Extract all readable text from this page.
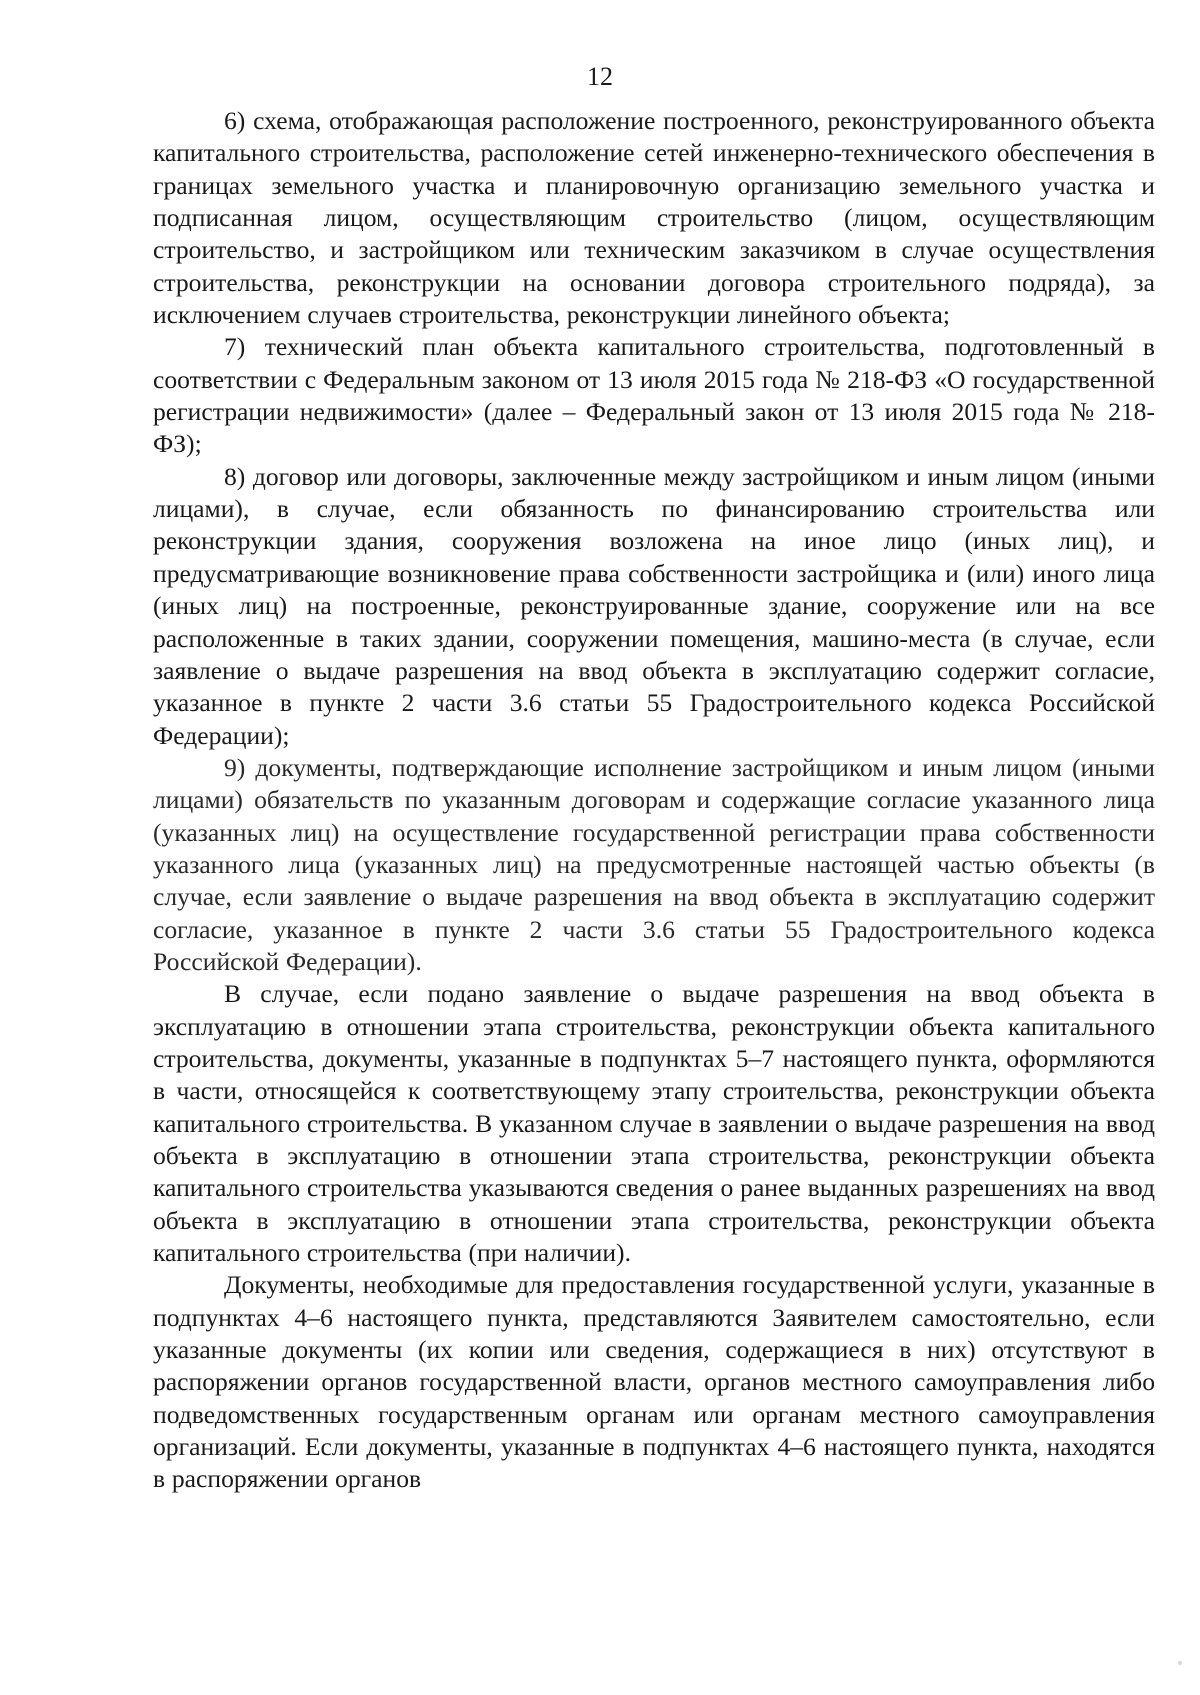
12

6) схема, отображающая расположение построенного, реконструированного объекта капитального строительства, расположение сетей инженерно-технического обеспечения в границах земельного участка и планировочную организацию земельного участка и подписанная лицом, осуществляющим строительство (лицом, осуществляющим строительство, и застройщиком или техническим заказчиком в случае осуществления строительства, реконструкции на основании договора строительного подряда), за исключением случаев строительства, реконструкции линейного объекта;

7) технический план объекта капитального строительства, подготовленный в соответствии с Федеральным законом от 13 июля 2015 года № 218-ФЗ «О государственной регистрации недвижимости» (далее – Федеральный закон от 13 июля 2015 года № 218-ФЗ);

8) договор или договоры, заключенные между застройщиком и иным лицом (иными лицами), в случае, если обязанность по финансированию строительства или реконструкции здания, сооружения возложена на иное лицо (иных лиц), и предусматривающие возникновение права собственности застройщика и (или) иного лица (иных лиц) на построенные, реконструированные здание, сооружение или на все расположенные в таких здании, сооружении помещения, машино-места (в случае, если заявление о выдаче разрешения на ввод объекта в эксплуатацию содержит согласие, указанное в пункте 2 части 3.6 статьи 55 Градостроительного кодекса Российской Федерации);

9) документы, подтверждающие исполнение застройщиком и иным лицом (иными лицами) обязательств по указанным договорам и содержащие согласие указанного лица (указанных лиц) на осуществление государственной регистрации права собственности указанного лица (указанных лиц) на предусмотренные настоящей частью объекты (в случае, если заявление о выдаче разрешения на ввод объекта в эксплуатацию содержит согласие, указанное в пункте 2 части 3.6 статьи 55 Градостроительного кодекса Российской Федерации).

В случае, если подано заявление о выдаче разрешения на ввод объекта в эксплуатацию в отношении этапа строительства, реконструкции объекта капитального строительства, документы, указанные в подпунктах 5–7 настоящего пункта, оформляются в части, относящейся к соответствующему этапу строительства, реконструкции объекта капитального строительства. В указанном случае в заявлении о выдаче разрешения на ввод объекта в эксплуатацию в отношении этапа строительства, реконструкции объекта капитального строительства указываются сведения о ранее выданных разрешениях на ввод объекта в эксплуатацию в отношении этапа строительства, реконструкции объекта капитального строительства (при наличии).

Документы, необходимые для предоставления государственной услуги, указанные в подпунктах 4–6 настоящего пункта, представляются Заявителем самостоятельно, если указанные документы (их копии или сведения, содержащиеся в них) отсутствуют в распоряжении органов государственной власти, органов местного самоуправления либо подведомственных государственным органам или органам местного самоуправления организаций. Если документы, указанные в подпунктах 4–6 настоящего пункта, находятся в распоряжении органов
